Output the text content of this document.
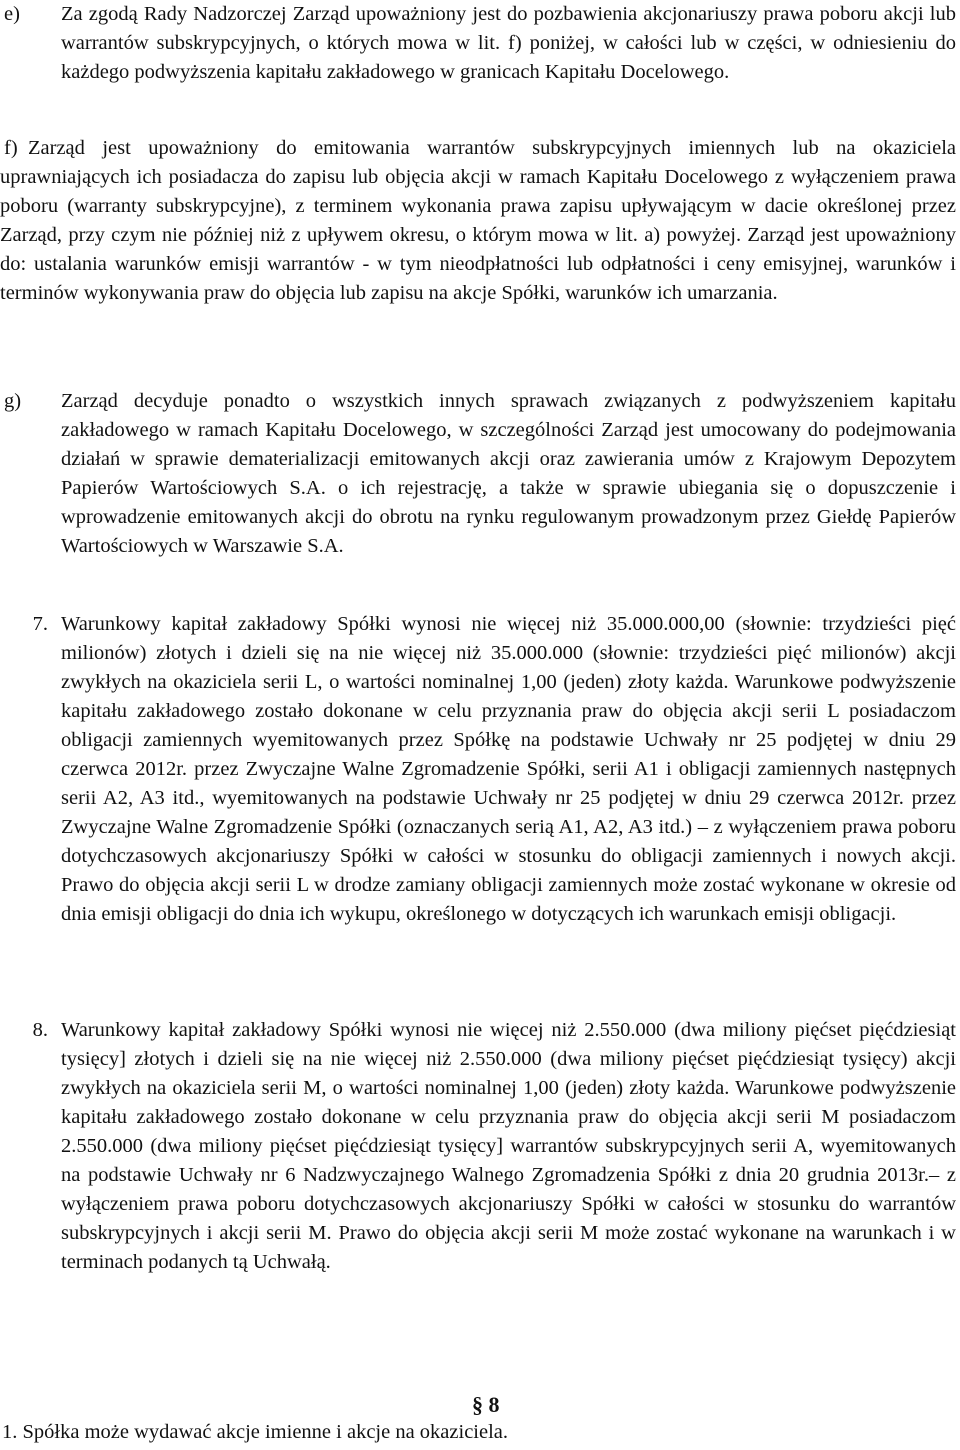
e)	Za zgodą Rady Nadzorczej Zarząd upoważniony jest do pozbawienia akcjonariuszy prawa poboru akcji lub warrantów subskrypcyjnych, o których mowa w lit. f) poniżej, w całości lub w części, w odniesieniu do każdego podwyższenia kapitału zakładowego w granicach Kapitału Docelowego.
f) Zarząd jest upoważniony do emitowania warrantów subskrypcyjnych imiennych lub na okaziciela uprawniających ich posiadacza do zapisu lub objęcia akcji w ramach Kapitału Docelowego z wyłączeniem prawa poboru (warranty subskrypcyjne), z terminem wykonania prawa zapisu upływającym w dacie określonej przez Zarząd, przy czym nie później niż z upływem okresu, o którym mowa w lit. a) powyżej. Zarząd jest upoważniony do: ustalania warunków emisji warrantów - w tym nieodpłatności lub odpłatności i ceny emisyjnej, warunków i terminów wykonywania praw do objęcia lub zapisu na akcje Spółki, warunków ich umarzania.
g)	Zarząd decyduje ponadto o wszystkich innych sprawach związanych z podwyższeniem kapitału zakładowego w ramach Kapitału Docelowego, w szczególności Zarząd jest umocowany do podejmowania działań w sprawie dematerializacji emitowanych akcji oraz zawierania umów z Krajowym Depozytem Papierów Wartościowych S.A. o ich rejestrację, a także w sprawie ubiegania się o dopuszczenie i wprowadzenie emitowanych akcji do obrotu na rynku regulowanym prowadzonym przez Giełdę Papierów Wartościowych w Warszawie S.A.
7. Warunkowy kapitał zakładowy Spółki wynosi nie więcej niż 35.000.000,00 (słownie: trzydzieści pięć milionów) złotych i dzieli się na nie więcej niż 35.000.000 (słownie: trzydzieści pięć milionów) akcji zwykłych na okaziciela serii L, o wartości nominalnej 1,00 (jeden) złoty każda. Warunkowe podwyższenie kapitału zakładowego zostało dokonane w celu przyznania praw do objęcia akcji serii L posiadaczom obligacji zamiennych wyemitowanych przez Spółkę na podstawie Uchwały nr 25 podjętej w dniu 29 czerwca 2012r. przez Zwyczajne Walne Zgromadzenie Spółki, serii A1 i obligacji zamiennych następnych serii A2, A3 itd., wyemitowanych na podstawie Uchwały nr 25 podjętej w dniu 29 czerwca 2012r. przez Zwyczajne Walne Zgromadzenie Spółki (oznaczanych serią A1, A2, A3 itd.) – z wyłączeniem prawa poboru dotychczasowych akcjonariuszy Spółki w całości w stosunku do obligacji zamiennych i nowych akcji. Prawo do objęcia akcji serii L w drodze zamiany obligacji zamiennych może zostać wykonane w okresie od dnia emisji obligacji do dnia ich wykupu, określonego w dotyczących ich warunkach emisji obligacji.
8. Warunkowy kapitał zakładowy Spółki wynosi nie więcej niż 2.550.000 (dwa miliony pięćset pięćdziesiąt tysięcy] złotych i dzieli się na nie więcej niż 2.550.000 (dwa miliony pięćset pięćdziesiąt tysięcy) akcji zwykłych na okaziciela serii M, o wartości nominalnej 1,00 (jeden) złoty każda. Warunkowe podwyższenie kapitału zakładowego zostało dokonane w celu przyznania praw do objęcia akcji serii M posiadaczom 2.550.000 (dwa miliony pięćset pięćdziesiąt tysięcy] warrantów subskrypcyjnych serii A, wyemitowanych na podstawie Uchwały nr 6 Nadzwyczajnego Walnego Zgromadzenia Spółki z dnia 20 grudnia 2013r.– z wyłączeniem prawa poboru dotychczasowych akcjonariuszy Spółki w całości w stosunku do warrantów subskrypcyjnych i akcji serii M. Prawo do objęcia akcji serii M może zostać wykonane na warunkach i w terminach podanych tą Uchwałą.
§ 8
1. Spółka może wydawać akcje imienne i akcje na okaziciela.
